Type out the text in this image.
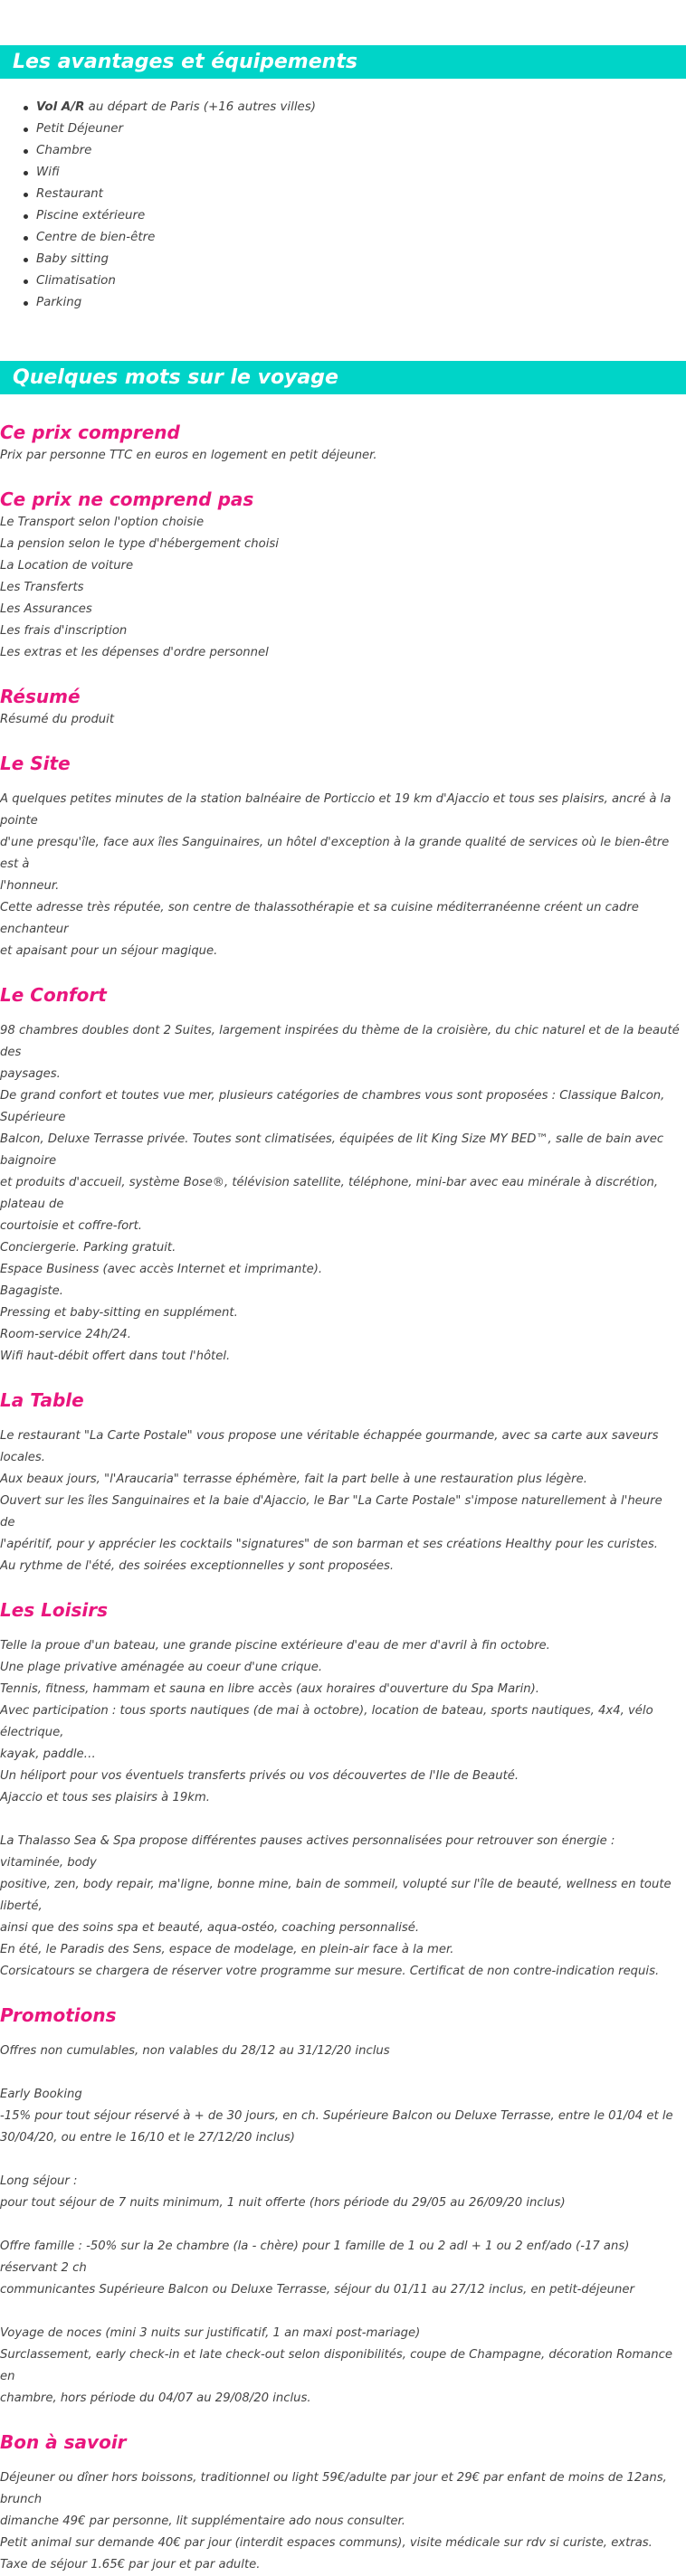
Les avantages et équipements
Vol A/R au départ de Paris (+16 autres villes)
Petit Déjeuner
Chambre
Wifi
Restaurant
Piscine extérieure
Centre de bien-être
Baby sitting
Climatisation
Parking
Quelques mots sur le voyage
Ce prix comprend

Prix par personne TTC en euros en logement en petit déjeuner.

Ce prix ne comprend pas

Le Transport selon l'option choisie

La pension selon le type d'hébergement choisi

La Location de voiture

Les Transferts

Les Assurances

Les frais d'inscription

Les extras et les dépenses d'ordre personnel

Résumé

Résumé du produit

Le Site

A quelques petites minutes de la station balnéaire de Porticcio et 19 km d'Ajaccio et tous ses plaisirs, ancré à la pointe

d'une presqu'île, face aux îles Sanguinaires, un hôtel d'exception à la grande qualité de services où le bien-être est à

l'honneur.

Cette adresse très réputée, son centre de thalassothérapie et sa cuisine méditerranéenne créent un cadre enchanteur

et apaisant pour un séjour magique.

Le Confort

98 chambres doubles dont 2 Suites, largement inspirées du thème de la croisière, du chic naturel et de la beauté des

paysages.

De grand confort et toutes vue mer, plusieurs catégories de chambres vous sont proposées : Classique Balcon, Supérieure

Balcon, Deluxe Terrasse privée. Toutes sont climatisées, équipées de lit King Size MY BED™, salle de bain avec baignoire

et produits d'accueil, système Bose®, télévision satellite, téléphone, mini-bar avec eau minérale à discrétion, plateau de

courtoisie et coffre-fort.

Conciergerie. Parking gratuit.

Espace Business (avec accès Internet et imprimante).

Bagagiste.

Pressing et baby-sitting en supplément.

Room-service 24h/24.

Wifi haut-débit offert dans tout l'hôtel.

La Table

Le restaurant "La Carte Postale" vous propose une véritable échappée gourmande, avec sa carte aux saveurs locales.

Aux beaux jours, "l'Araucaria" terrasse éphémère, fait la part belle à une restauration plus légère.

Ouvert sur les îles Sanguinaires et la baie d'Ajaccio, le Bar "La Carte Postale" s'impose naturellement à l'heure de

l'apéritif, pour y apprécier les cocktails "signatures" de son barman et ses créations Healthy pour les curistes.

Au rythme de l'été, des soirées exceptionnelles y sont proposées.

Les Loisirs

Telle la proue d'un bateau, une grande piscine extérieure d'eau de mer d'avril à fin octobre.

Une plage privative aménagée au coeur d'une crique.

Tennis, fitness, hammam et sauna en libre accès (aux horaires d'ouverture du Spa Marin).

Avec participation : tous sports nautiques (de mai à octobre), location de bateau, sports nautiques, 4x4, vélo électrique,

kayak, paddle…

Un héliport pour vos éventuels transferts privés ou vos découvertes de l'Ile de Beauté.

Ajaccio et tous ses plaisirs à 19km.

La Thalasso Sea & Spa propose différentes pauses actives personnalisées pour retrouver son énergie : vitaminée, body

positive, zen, body repair, ma'ligne, bonne mine, bain de sommeil, volupté sur l'île de beauté, wellness en toute liberté,

ainsi que des soins spa et beauté, aqua-ostéo, coaching personnalisé.

En été, le Paradis des Sens, espace de modelage, en plein-air face à la mer.

Corsicatours se chargera de réserver votre programme sur mesure. Certificat de non contre-indication requis.

Promotions

Offres non cumulables, non valables du 28/12 au 31/12/20 inclus

Early Booking

-15% pour tout séjour réservé à + de 30 jours, en ch. Supérieure Balcon ou Deluxe Terrasse, entre le 01/04 et le

30/04/20, ou entre le 16/10 et le 27/12/20 inclus)

Long séjour :

pour tout séjour de 7 nuits minimum, 1 nuit offerte (hors période du 29/05 au 26/09/20 inclus)

Offre famille : -50% sur la 2e chambre (la - chère) pour 1 famille de 1 ou 2 adl + 1 ou 2 enf/ado (-17 ans) réservant 2 ch

communicantes Supérieure Balcon ou Deluxe Terrasse, séjour du 01/11 au 27/12 inclus, en petit-déjeuner

Voyage de noces (mini 3 nuits sur justificatif, 1 an maxi post-mariage)

Surclassement, early check-in et late check-out selon disponibilités, coupe de Champagne, décoration Romance en

chambre, hors période du 04/07 au 29/08/20 inclus.

Bon à savoir

Déjeuner ou dîner hors boissons, traditionnel ou light 59€/adulte par jour et 29€ par enfant de moins de 12ans, brunch

dimanche 49€ par personne, lit supplémentaire ado nous consulter.

Petit animal sur demande 40€ par jour (interdit espaces communs), visite médicale sur rdv si curiste, extras.

Taxe de séjour 1.65€ par jour et par adulte.
